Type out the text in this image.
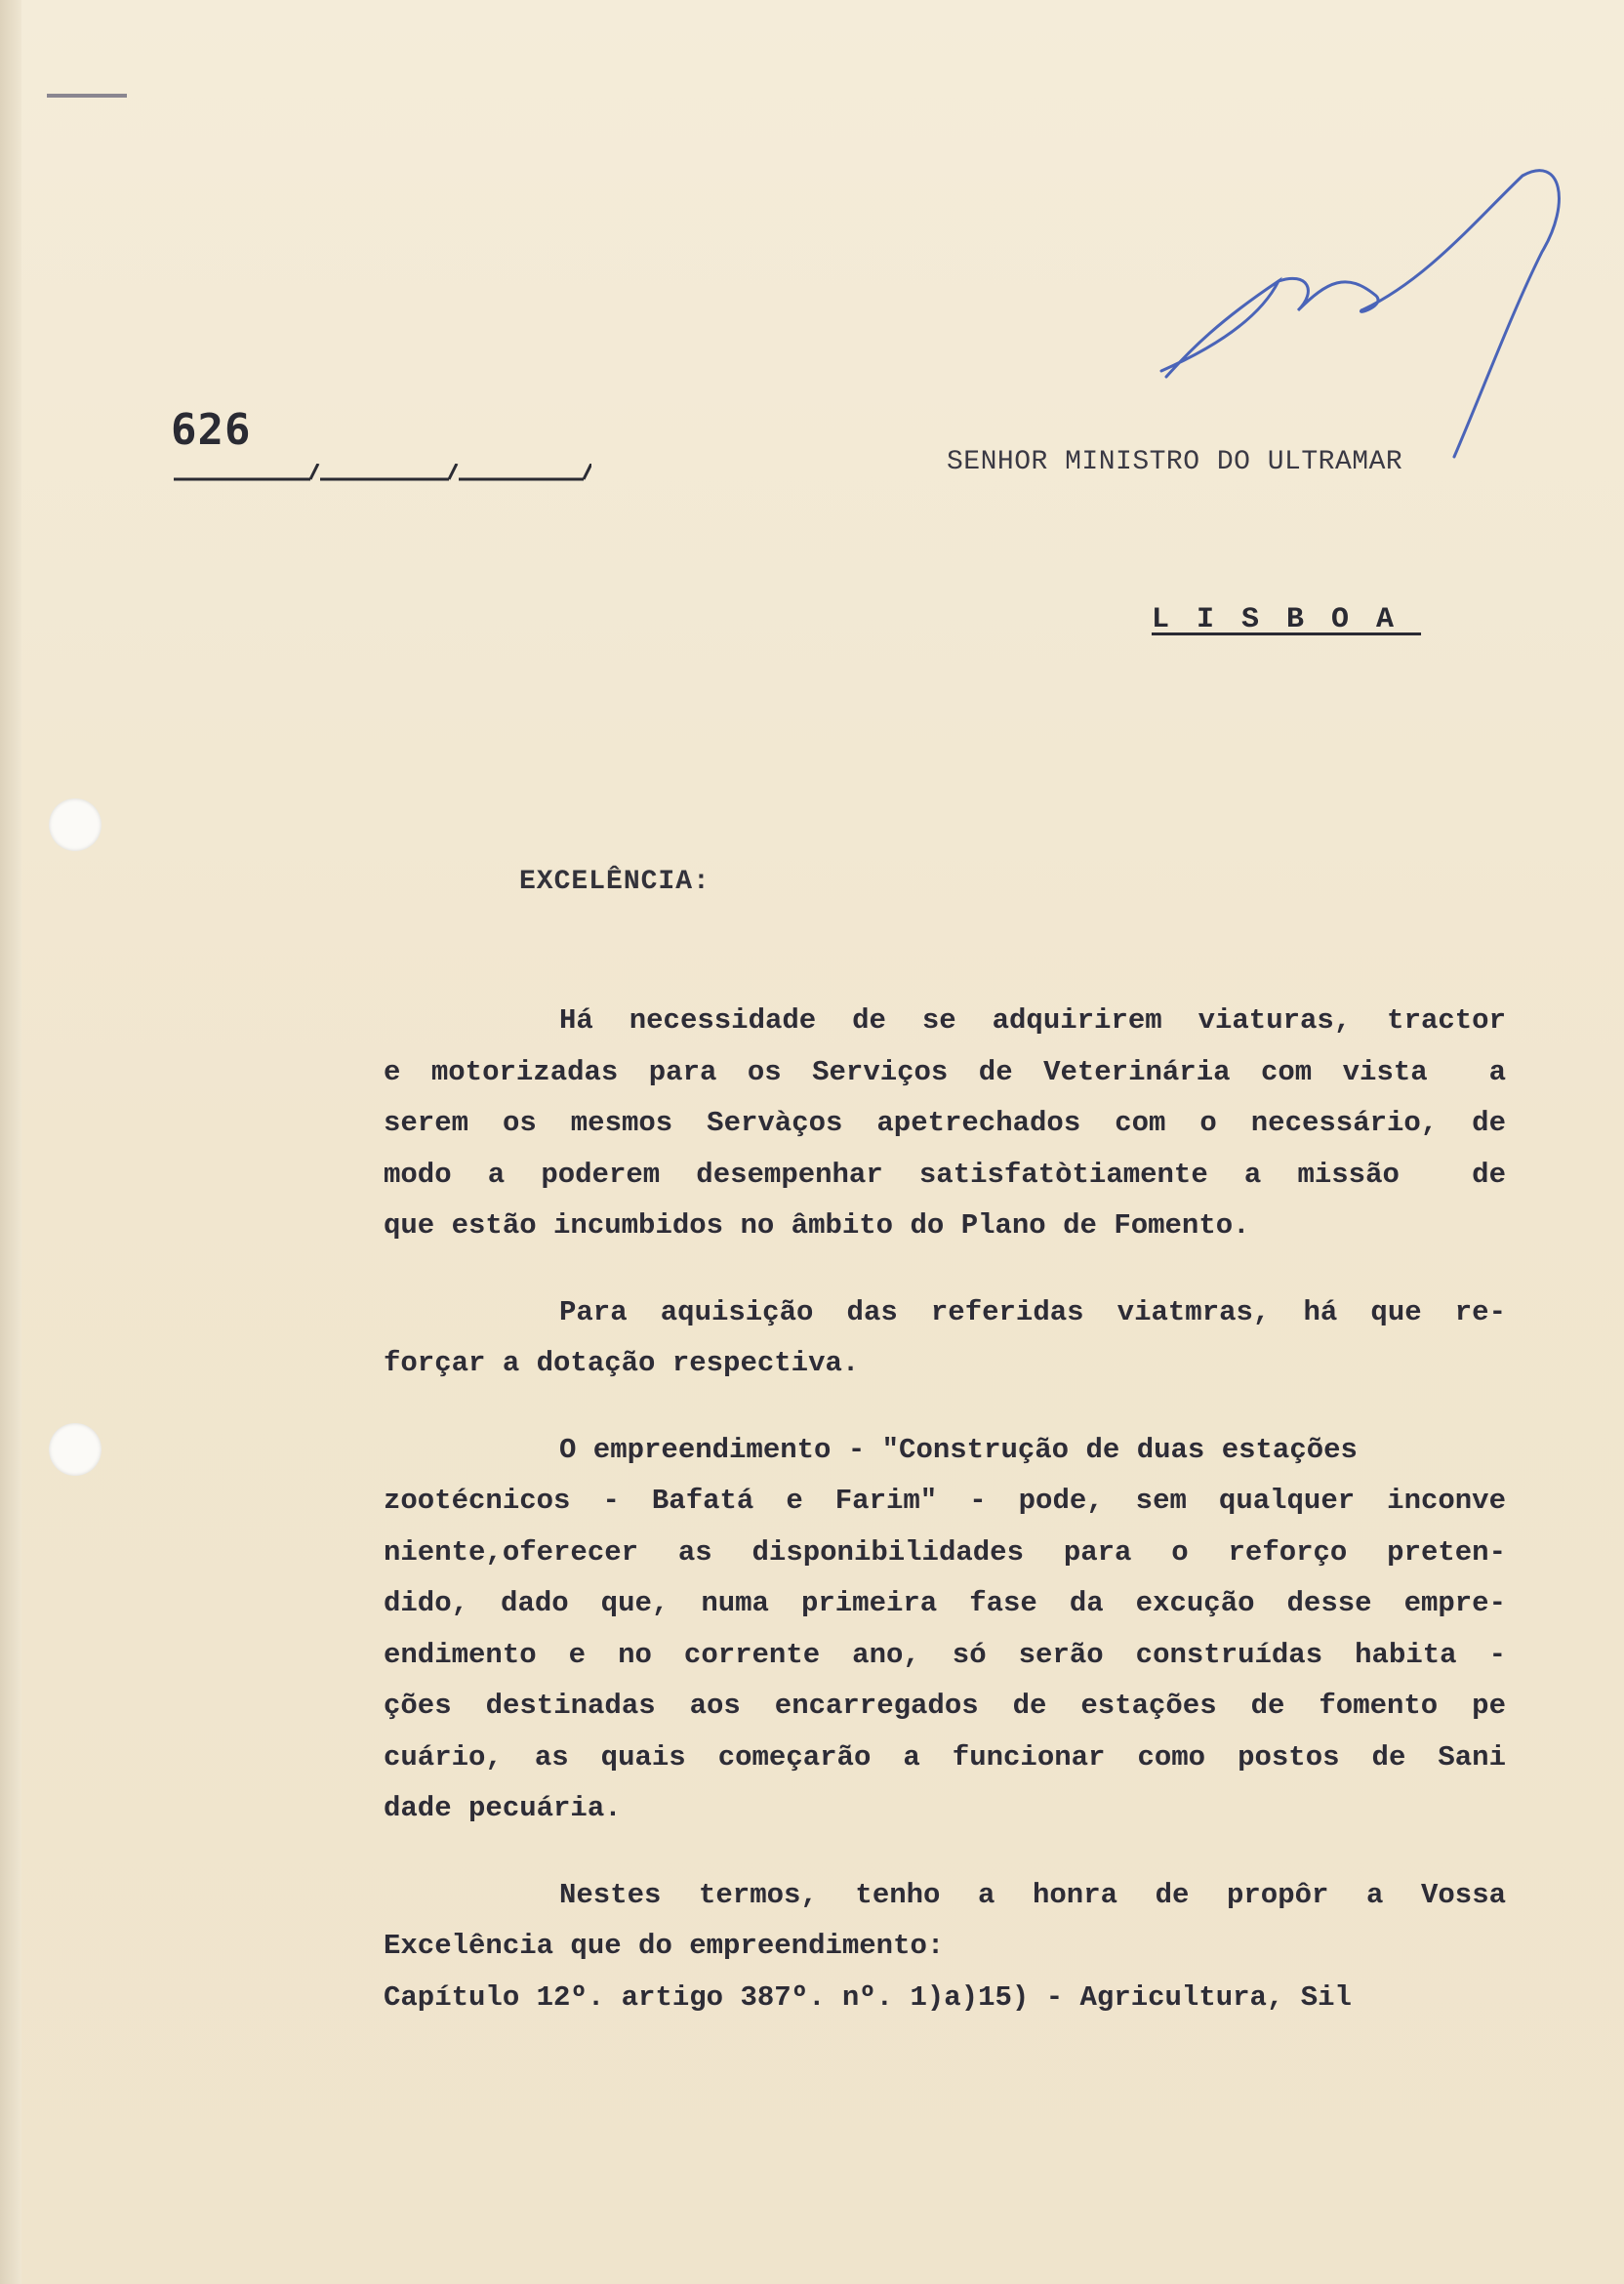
626
SENHOR MINISTRO DO ULTRAMAR
LISBOA
EXCELÊNCIA:
Há necessidade de se adquirirem viaturas, tractor
e motorizadas para os Serviços de Veterinária com vista  a
serem os mesmos Servàços apetrechados com o necessário, de
modo a poderem desempenhar satisfatòtiamente a missão  de
que estão incumbidos no âmbito do Plano de Fomento.
Para aquisição das referidas viatmras, há que re-
forçar a dotação respectiva.
O empreendimento - "Construção de duas estações
zootécnicos - Bafatá e Farim" - pode, sem qualquer inconve
niente,oferecer as disponibilidades para o reforço preten-
dido, dado que, numa primeira fase da excução desse empre-
endimento e no corrente ano, só serão construídas habita -
ções destinadas aos encarregados de estações de fomento pe
cuário, as quais começarão a funcionar como postos de Sani
dade pecuária.
Nestes termos, tenho a honra de propôr a Vossa
Excelência que do empreendimento:
Capítulo 12º. artigo 387º. nº. 1)a)15) - Agricultura, Sil
